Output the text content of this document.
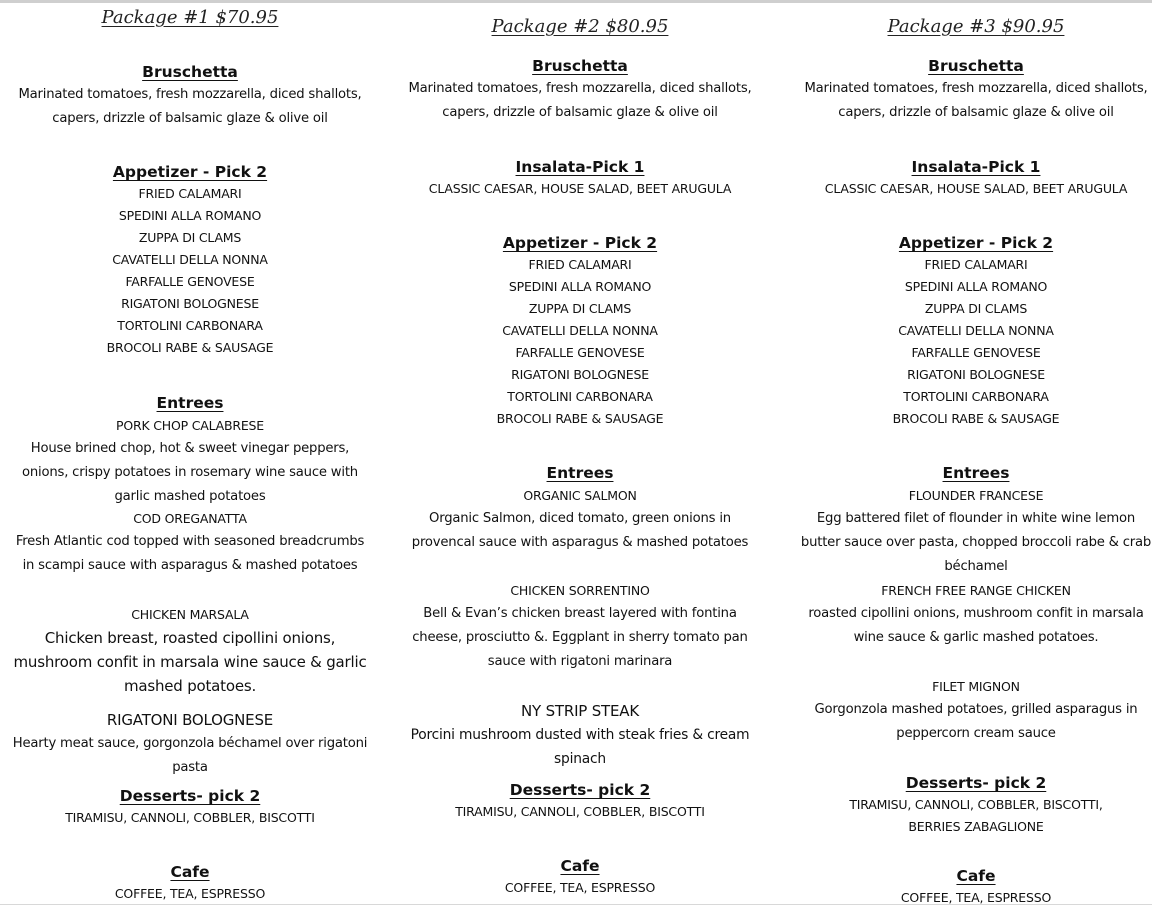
Package #1 $70.95
Bruschetta
Marinated tomatoes, fresh mozzarella, diced shallots, capers, drizzle of balsamic glaze & olive oil
Appetizer - Pick 2
FRIED CALAMARI
SPEDINI ALLA ROMANO
ZUPPA DI CLAMS
CAVATELLI DELLA NONNA
FARFALLE GENOVESE
RIGATONI BOLOGNESE
TORTOLINI CARBONARA
BROCOLI RABE & SAUSAGE
Entrees
PORK CHOP CALABRESE
House brined chop, hot & sweet vinegar peppers, onions, crispy potatoes in rosemary wine sauce with garlic mashed potatoes
COD OREGANATTA
Fresh Atlantic cod topped with seasoned breadcrumbs in scampi sauce with asparagus & mashed potatoes
CHICKEN MARSALA
Chicken breast, roasted cipollini onions, mushroom confit in marsala wine sauce & garlic mashed potatoes.
RIGATONI BOLOGNESE
Hearty meat sauce, gorgonzola béchamel over rigatoni pasta
Desserts- pick 2
TIRAMISU, CANNOLI, COBBLER, BISCOTTI
Cafe
COFFEE, TEA, ESPRESSO
Package #2 $80.95
Bruschetta
Marinated tomatoes, fresh mozzarella, diced shallots, capers, drizzle of balsamic glaze & olive oil
Insalata-Pick 1
CLASSIC CAESAR, HOUSE SALAD, BEET ARUGULA
Appetizer - Pick 2
FRIED CALAMARI
SPEDINI ALLA ROMANO
ZUPPA DI CLAMS
CAVATELLI DELLA NONNA
FARFALLE GENOVESE
RIGATONI BOLOGNESE
TORTOLINI CARBONARA
BROCOLI RABE & SAUSAGE
Entrees
ORGANIC SALMON
Organic Salmon, diced tomato, green onions in provencal sauce with asparagus & mashed potatoes
CHICKEN SORRENTINO
Bell & Evan’s chicken breast layered with fontina cheese, prosciutto &. Eggplant in sherry tomato pan sauce with rigatoni marinara
NY STRIP STEAK
Porcini mushroom dusted with steak fries & cream spinach
Desserts- pick 2
TIRAMISU, CANNOLI, COBBLER, BISCOTTI
Cafe
COFFEE, TEA, ESPRESSO
Package #3 $90.95
Bruschetta
Marinated tomatoes, fresh mozzarella, diced shallots, capers, drizzle of balsamic glaze & olive oil
Insalata-Pick 1
CLASSIC CAESAR, HOUSE SALAD, BEET ARUGULA
Appetizer - Pick 2
FRIED CALAMARI
SPEDINI ALLA ROMANO
ZUPPA DI CLAMS
CAVATELLI DELLA NONNA
FARFALLE GENOVESE
RIGATONI BOLOGNESE
TORTOLINI CARBONARA
BROCOLI RABE & SAUSAGE
Entrees
FLOUNDER FRANCESE
Egg battered filet of flounder in white wine lemon butter sauce over pasta, chopped broccoli rabe & crab béchamel
FRENCH FREE RANGE CHICKEN
roasted cipollini onions, mushroom confit in marsala wine sauce & garlic mashed potatoes.
FILET MIGNON
Gorgonzola mashed potatoes, grilled asparagus in peppercorn cream sauce
Desserts- pick 2
TIRAMISU, CANNOLI, COBBLER, BISCOTTI, BERRIES ZABAGLIONE
Cafe
COFFEE, TEA, ESPRESSO
